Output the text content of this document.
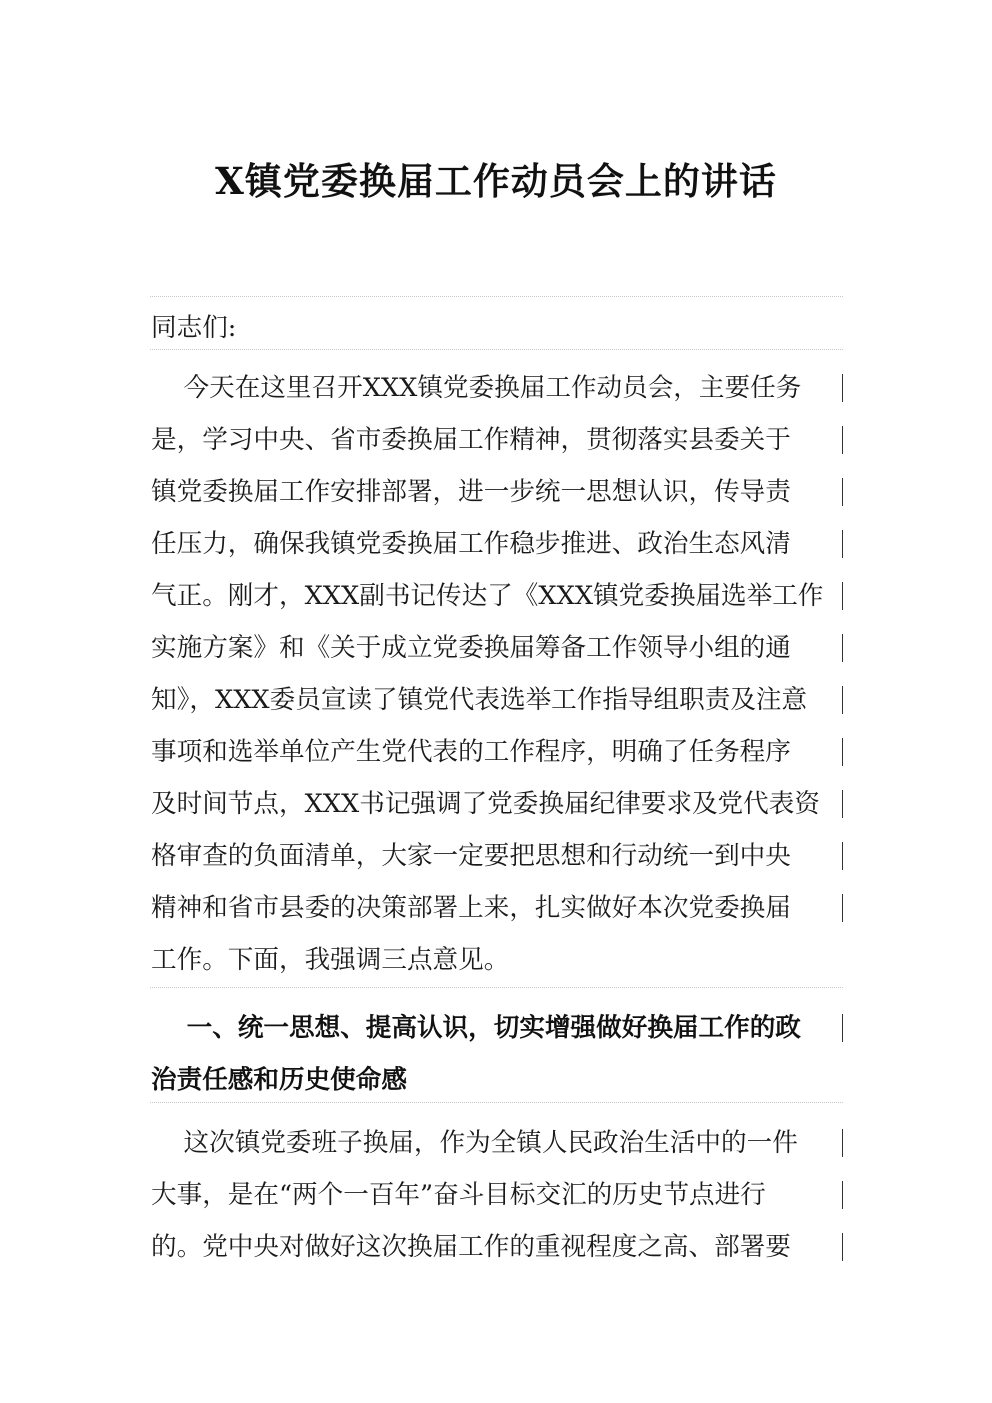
X镇党委换届工作动员会上的讲话
同志们:
今天在这里召开XXX镇党委换届工作动员会，主要任务
是，学习中央、省市委换届工作精神，贯彻落实县委关于
镇党委换届工作安排部署，进一步统一思想认识，传导责
任压力，确保我镇党委换届工作稳步推进、政治生态风清
气正。刚才，XXX副书记传达了《XXX镇党委换届选举工作
实施方案》和《关于成立党委换届筹备工作领导小组的通
知》，XXX委员宣读了镇党代表选举工作指导组职责及注意
事项和选举单位产生党代表的工作程序，明确了任务程序
及时间节点，XXX书记强调了党委换届纪律要求及党代表资
格审查的负面清单，大家一定要把思想和行动统一到中央
精神和省市县委的决策部署上来，扎实做好本次党委换届
工作。下面，我强调三点意见。
一、统一思想、提高认识，切实增强做好换届工作的政
治责任感和历史使命感
这次镇党委班子换届，作为全镇人民政治生活中的一件
大事，是在“两个一百年”奋斗目标交汇的历史节点进行
的。党中央对做好这次换届工作的重视程度之高、部署要
